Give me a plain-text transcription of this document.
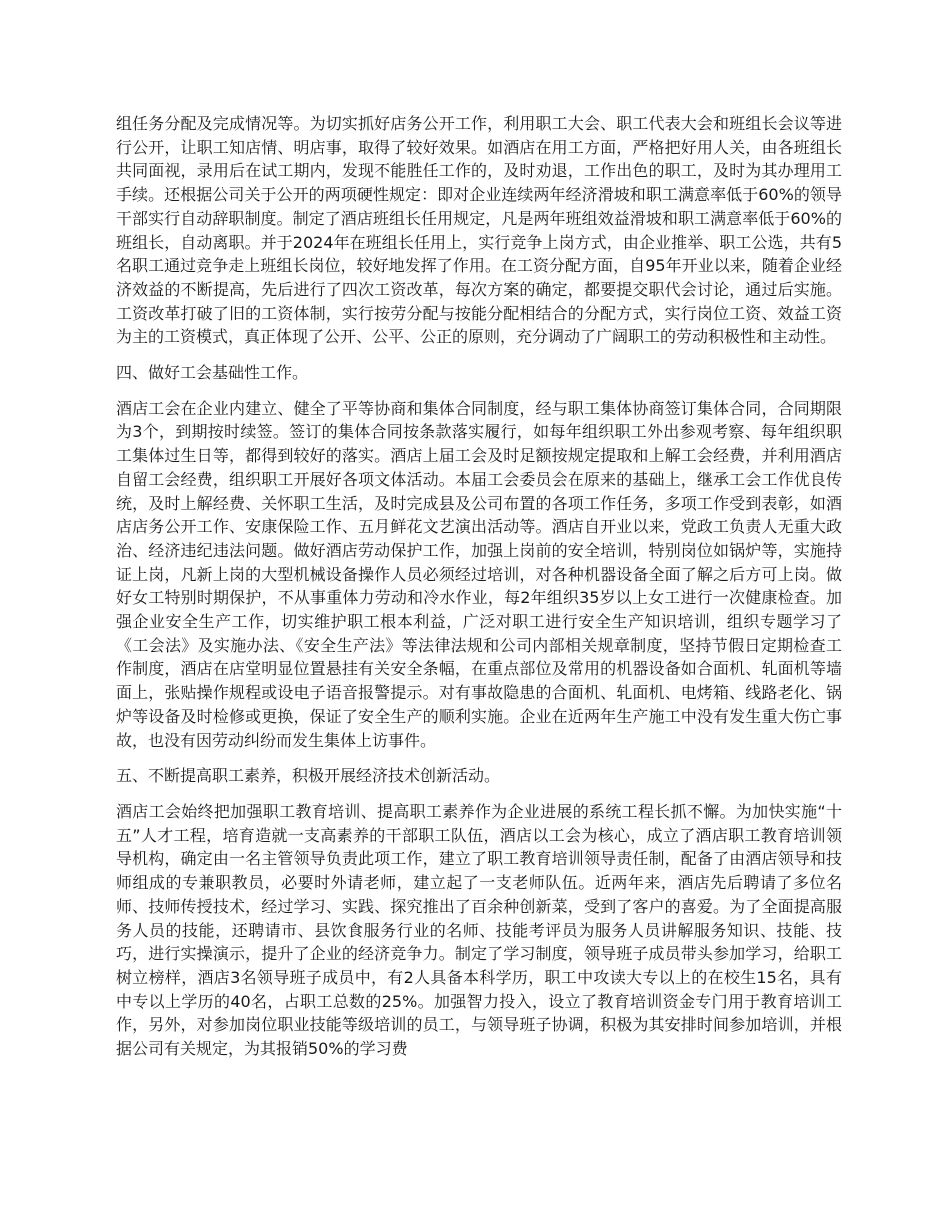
组任务分配及完成情况等。为切实抓好店务公开工作，利用职工大会、职工代表大会和班组长会议等进行公开，让职工知店情、明店事，取得了较好效果。如酒店在用工方面，严格把好用人关，由各班组长共同面视，录用后在试工期内，发现不能胜任工作的，及时劝退，工作出色的职工，及时为其办理用工手续。还根据公司关于公开的两项硬性规定：即对企业连续两年经济滑坡和职工满意率低于60%的领导干部实行自动辞职制度。制定了酒店班组长任用规定，凡是两年班组效益滑坡和职工满意率低于60%的班组长，自动离职。并于2024年在班组长任用上，实行竞争上岗方式，由企业推举、职工公选，共有5名职工通过竞争走上班组长岗位，较好地发挥了作用。在工资分配方面，自95年开业以来，随着企业经济效益的不断提高，先后进行了四次工资改革，每次方案的确定，都要提交职代会讨论，通过后实施。工资改革打破了旧的工资体制，实行按劳分配与按能分配相结合的分配方式，实行岗位工资、效益工资为主的工资模式，真正体现了公开、公平、公正的原则，充分调动了广阔职工的劳动积极性和主动性。

四、做好工会基础性工作。

酒店工会在企业内建立、健全了平等协商和集体合同制度，经与职工集体协商签订集体合同，合同期限为3个，到期按时续签。签订的集体合同按条款落实履行，如每年组织职工外出参观考察、每年组织职工集体过生日等，都得到较好的落实。酒店上届工会及时足额按规定提取和上解工会经费，并利用酒店自留工会经费，组织职工开展好各项文体活动。本届工会委员会在原来的基础上，继承工会工作优良传统，及时上解经费、关怀职工生活，及时完成县及公司布置的各项工作任务，多项工作受到表彰，如酒店店务公开工作、安康保险工作、五月鲜花文艺演出活动等。酒店自开业以来，党政工负责人无重大政治、经济违纪违法问题。做好酒店劳动保护工作，加强上岗前的安全培训，特别岗位如锅炉等，实施持证上岗，凡新上岗的大型机械设备操作人员必须经过培训，对各种机器设备全面了解之后方可上岗。做好女工特别时期保护，不从事重体力劳动和冷水作业，每2年组织35岁以上女工进行一次健康检查。加强企业安全生产工作，切实维护职工根本利益，广泛对职工进行安全生产知识培训，组织专题学习了《工会法》及实施办法、《安全生产法》等法律法规和公司内部相关规章制度，坚持节假日定期检查工作制度，酒店在店堂明显位置悬挂有关安全条幅，在重点部位及常用的机器设备如合面机、轧面机等墙面上，张贴操作规程或设电子语音报警提示。对有事故隐患的合面机、轧面机、电烤箱、线路老化、锅炉等设备及时检修或更换，保证了安全生产的顺利实施。企业在近两年生产施工中没有发生重大伤亡事故，也没有因劳动纠纷而发生集体上访事件。

五、不断提高职工素养，积极开展经济技术创新活动。

酒店工会始终把加强职工教育培训、提高职工素养作为企业进展的系统工程长抓不懈。为加快实施“十五”人才工程，培育造就一支高素养的干部职工队伍，酒店以工会为核心，成立了酒店职工教育培训领导机构，确定由一名主管领导负责此项工作，建立了职工教育培训领导责任制，配备了由酒店领导和技师组成的专兼职教员，必要时外请老师，建立起了一支老师队伍。近两年来，酒店先后聘请了多位名师、技师传授技术，经过学习、实践、探究推出了百余种创新菜，受到了客户的喜爱。为了全面提高服务人员的技能，还聘请市、县饮食服务行业的名师、技能考评员为服务人员讲解服务知识、技能、技巧，进行实操演示，提升了企业的经济竞争力。制定了学习制度，领导班子成员带头参加学习，给职工树立榜样，酒店3名领导班子成员中，有2人具备本科学历，职工中攻读大专以上的在校生15名，具有中专以上学历的40名，占职工总数的25%。加强智力投入，设立了教育培训资金专门用于教育培训工作，另外，对参加岗位职业技能等级培训的员工，与领导班子协调，积极为其安排时间参加培训，并根据公司有关规定，为其报销50%的学习费
